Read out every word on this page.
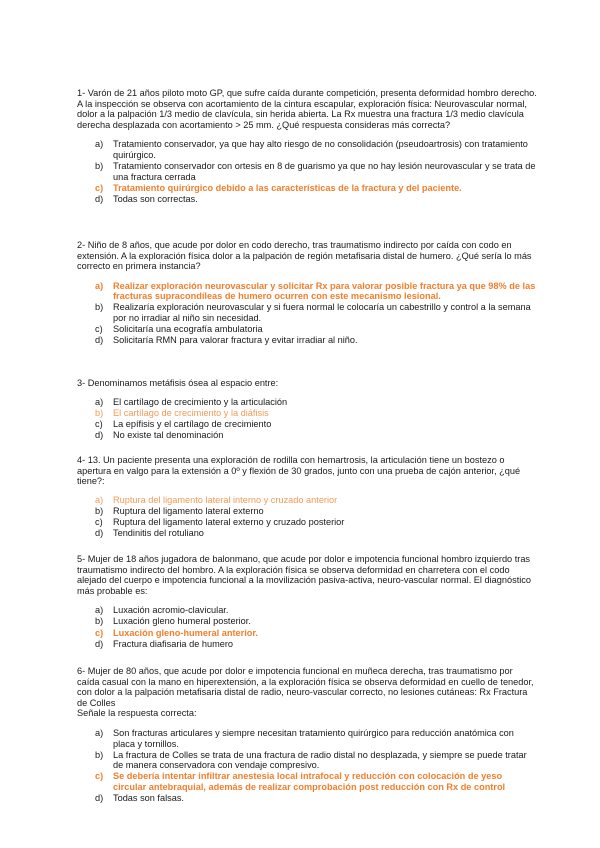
1- Varón de 21 años piloto moto GP, que sufre caída durante competición, presenta deformidad hombro derecho. A la inspección se observa con acortamiento de la cintura escapular, exploración física: Neurovascular normal, dolor a la palpación 1/3 medio de clavícula, sin herida abierta. La Rx muestra una fractura 1/3 medio clavícula derecha desplazada con acortamiento > 25 mm. ¿Qué respuesta consideras más correcta?

a)	Tratamiento conservador, ya que hay alto riesgo de no consolidación (pseudoartrosis) con tratamiento quirúrgico.
b)	Tratamiento conservador con ortesis en 8 de guarismo ya que no hay lesión neurovascular y se trata de una fractura cerrada
c)	Tratamiento quirúrgico debido a las características de la fractura y del paciente.
d)	Todas son correctas.

2- Niño de 8 años, que acude por dolor en codo derecho, tras traumatismo indirecto por caída con codo en extensión. A la exploración física dolor a la palpación de región metafisaria distal de humero. ¿Qué sería lo más correcto en primera instancia?

a)	Realizar exploración neurovascular y solicitar Rx para valorar posible fractura ya que 98% de las fracturas supracondíleas de humero ocurren con este mecanismo lesional.
b)	Realizaría exploración neurovascular y si fuera normal le colocaría un cabestrillo y control a la semana por no irradiar al niño sin necesidad.
c)	Solicitaría una ecografía ambulatoria
d)	Solicitaría RMN para valorar fractura y evitar irradiar al niño.

3- Denominamos metáfisis ósea al espacio entre:

a)	El cartílago de crecimiento y la articulación
b)	El cartílago de crecimiento y la diáfisis
c)	La epífisis y el cartílago de crecimiento
d)	No existe tal denominación

4- 13. Un paciente presenta una exploración de rodilla con hemartrosis, la articulación tiene un bostezo o apertura en valgo para la extensión a 0º y flexión de 30 grados, junto con una prueba de cajón anterior, ¿qué tiene?:

a)	Ruptura del ligamento lateral interno y cruzado anterior
b)	Ruptura del ligamento lateral externo
c)	Ruptura del ligamento lateral externo y cruzado posterior
d)	Tendinitis del rotuliano

5- Mujer de 18 años jugadora de balonmano, que acude por dolor e impotencia funcional hombro izquierdo tras traumatismo indirecto del hombro. A la exploración física se observa deformidad en charretera con el codo alejado del cuerpo e impotencia funcional a la movilización pasiva-activa, neuro-vascular normal. El diagnóstico más probable es:

a)	Luxación acromio-clavicular.
b)	Luxación gleno humeral posterior.
c)	Luxación gleno-humeral anterior.
d)	Fractura diafisaria de humero

6- Mujer de 80 años, que acude por dolor e impotencia funcional en muñeca derecha, tras traumatismo por caída casual con la mano en hiperextensión, a la exploración física se observa deformidad en cuello de tenedor, con dolor a la palpación metafisaria distal de radio, neuro-vascular correcto, no lesiones cutáneas: Rx Fractura de Colles

Señale la respuesta correcta:

a)	Son fracturas articulares y siempre necesitan tratamiento quirúrgico para reducción anatómica con placa y tornillos.
b)	La fractura de Colles se trata de una fractura de radio distal no desplazada, y siempre se puede tratar de manera conservadora con vendaje compresivo.
c)	Se debería intentar infiltrar anestesia local intrafocal y reducción con colocación de yeso circular antebraquial, además de realizar comprobación post reducción con Rx de control
d)	Todas son falsas.
